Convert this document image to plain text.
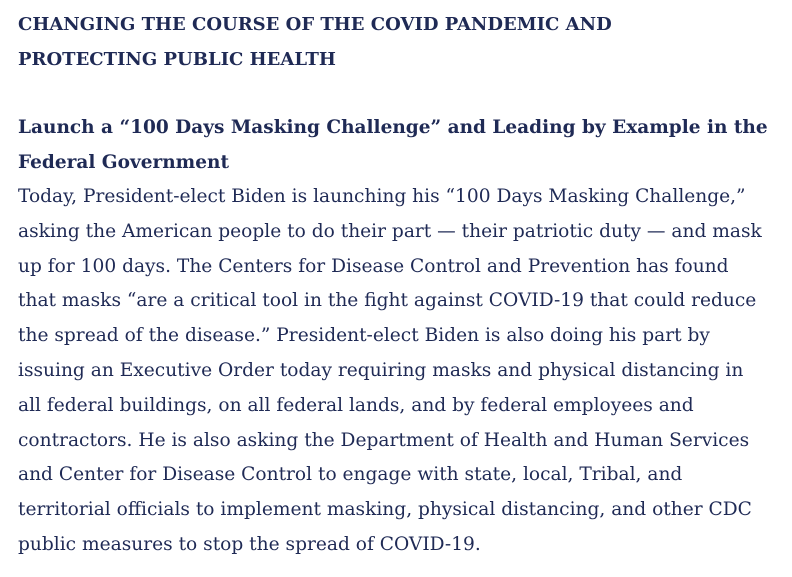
CHANGING THE COURSE OF THE COVID PANDEMIC AND
PROTECTING PUBLIC HEALTH
Launch a “100 Days Masking Challenge” and Leading by Example in the
Federal Government

Today, President-elect Biden is launching his “100 Days Masking Challenge,”
asking the American people to do their part — their patriotic duty — and mask
up for 100 days. The Centers for Disease Control and Prevention has found
that masks “are a critical tool in the fight against COVID-19 that could reduce
the spread of the disease.” President-elect Biden is also doing his part by
issuing an Executive Order today requiring masks and physical distancing in
all federal buildings, on all federal lands, and by federal employees and
contractors. He is also asking the Department of Health and Human Services
and Center for Disease Control to engage with state, local, Tribal, and
territorial officials to implement masking, physical distancing, and other CDC
public measures to stop the spread of COVID-19.
